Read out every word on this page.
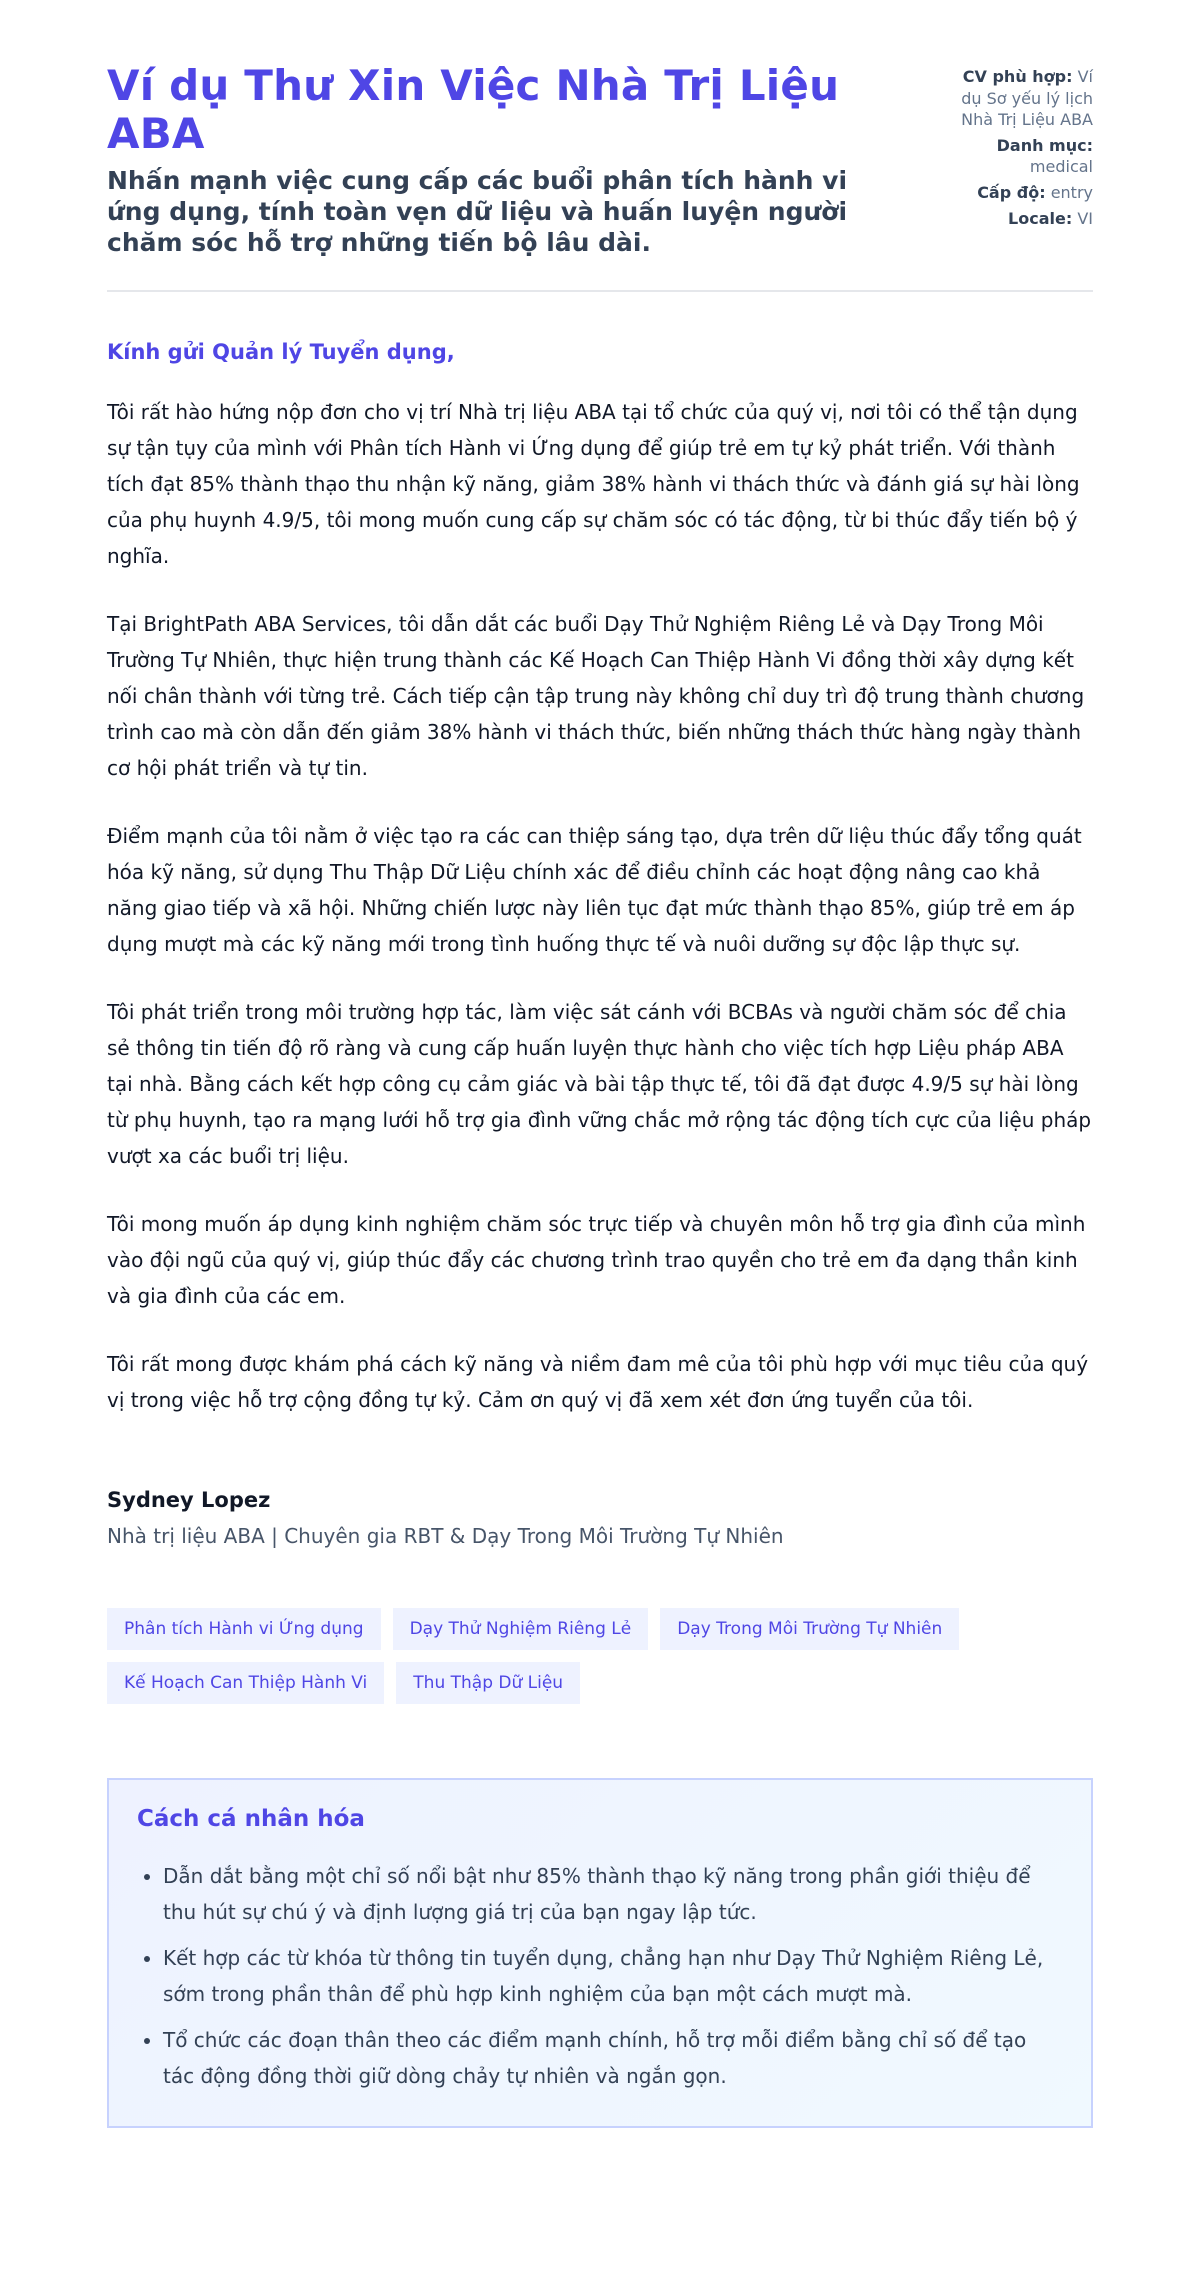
Ví dụ Thư Xin Việc Nhà Trị Liệu ABA
Nhấn mạnh việc cung cấp các buổi phân tích hành vi ứng dụng, tính toàn vẹn dữ liệu và huấn luyện người chăm sóc hỗ trợ những tiến bộ lâu dài.
CV phù hợp: Ví dụ Sơ yếu lý lịch Nhà Trị Liệu ABA
Danh mục:
medical
Cấp độ: entry
Locale: VI
Kính gửi Quản lý Tuyển dụng,

Tôi rất hào hứng nộp đơn cho vị trí Nhà trị liệu ABA tại tổ chức của quý vị, nơi tôi có thể tận dụng sự tận tụy của mình với Phân tích Hành vi Ứng dụng để giúp trẻ em tự kỷ phát triển. Với thành tích đạt 85% thành thạo thu nhận kỹ năng, giảm 38% hành vi thách thức và đánh giá sự hài lòng của phụ huynh 4.9/5, tôi mong muốn cung cấp sự chăm sóc có tác động, từ bi thúc đẩy tiến bộ ý nghĩa.

Tại BrightPath ABA Services, tôi dẫn dắt các buổi Dạy Thử Nghiệm Riêng Lẻ và Dạy Trong Môi Trường Tự Nhiên, thực hiện trung thành các Kế Hoạch Can Thiệp Hành Vi đồng thời xây dựng kết nối chân thành với từng trẻ. Cách tiếp cận tập trung này không chỉ duy trì độ trung thành chương trình cao mà còn dẫn đến giảm 38% hành vi thách thức, biến những thách thức hàng ngày thành cơ hội phát triển và tự tin.

Điểm mạnh của tôi nằm ở việc tạo ra các can thiệp sáng tạo, dựa trên dữ liệu thúc đẩy tổng quát hóa kỹ năng, sử dụng Thu Thập Dữ Liệu chính xác để điều chỉnh các hoạt động nâng cao khả năng giao tiếp và xã hội. Những chiến lược này liên tục đạt mức thành thạo 85%, giúp trẻ em áp dụng mượt mà các kỹ năng mới trong tình huống thực tế và nuôi dưỡng sự độc lập thực sự.

Tôi phát triển trong môi trường hợp tác, làm việc sát cánh với BCBAs và người chăm sóc để chia sẻ thông tin tiến độ rõ ràng và cung cấp huấn luyện thực hành cho việc tích hợp Liệu pháp ABA tại nhà. Bằng cách kết hợp công cụ cảm giác và bài tập thực tế, tôi đã đạt được 4.9/5 sự hài lòng từ phụ huynh, tạo ra mạng lưới hỗ trợ gia đình vững chắc mở rộng tác động tích cực của liệu pháp vượt xa các buổi trị liệu.

Tôi mong muốn áp dụng kinh nghiệm chăm sóc trực tiếp và chuyên môn hỗ trợ gia đình của mình vào đội ngũ của quý vị, giúp thúc đẩy các chương trình trao quyền cho trẻ em đa dạng thần kinh và gia đình của các em.

Tôi rất mong được khám phá cách kỹ năng và niềm đam mê của tôi phù hợp với mục tiêu của quý vị trong việc hỗ trợ cộng đồng tự kỷ. Cảm ơn quý vị đã xem xét đơn ứng tuyển của tôi.

Sydney Lopez
Nhà trị liệu ABA | Chuyên gia RBT & Dạy Trong Môi Trường Tự Nhiên
Phân tích Hành vi Ứng dụng	Dạy Thử Nghiệm Riêng Lẻ	Dạy Trong Môi Trường Tự Nhiên
Kế Hoạch Can Thiệp Hành Vi	Thu Thập Dữ Liệu
Cách cá nhân hóa
• Dẫn dắt bằng một chỉ số nổi bật như 85% thành thạo kỹ năng trong phần giới thiệu để thu hút sự chú ý và định lượng giá trị của bạn ngay lập tức.
• Kết hợp các từ khóa từ thông tin tuyển dụng, chẳng hạn như Dạy Thử Nghiệm Riêng Lẻ, sớm trong phần thân để phù hợp kinh nghiệm của bạn một cách mượt mà.
• Tổ chức các đoạn thân theo các điểm mạnh chính, hỗ trợ mỗi điểm bằng chỉ số để tạo tác động đồng thời giữ dòng chảy tự nhiên và ngắn gọn.
